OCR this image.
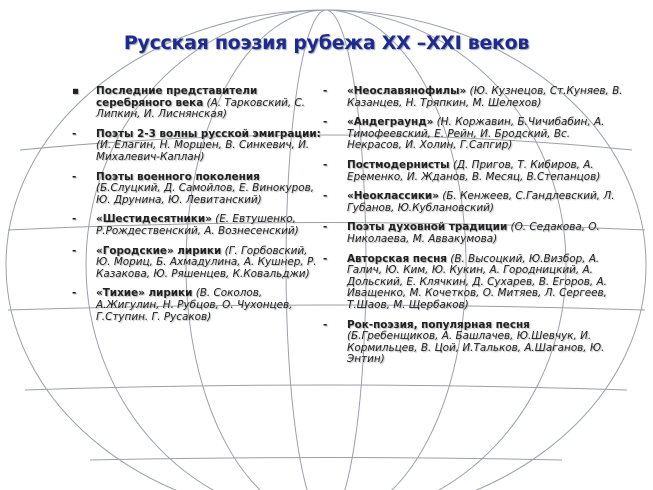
Русская поэзия рубежа XX –XXI веков
▪	Последние представители серебряного века (А. Тарковский, С. Липкин, И. Лиснянская)
-	Поэты 2-3 волны русской эмиграции: (И. Елагин, Н. Моршен, В. Синкевич, И. Михалевич-Каплан)
-	Поэты военного поколения (Б.Слуцкий, Д. Самойлов, Е. Винокуров, Ю. Друнина, Ю. Левитанский)
-	«Шестидесятники» (Е. Евтушенко, Р.Рождественский, А. Вознесенский)
-	«Городские» лирики (Г. Горбовский, Ю. Мориц, Б. Ахмадулина, А. Кушнер, Р. Казакова, Ю. Ряшенцев, К.Ковальджи)
-	«Тихие» лирики (В. Соколов, А.Жигулин, Н. Рубцов, О. Чухонцев, Г.Ступин. Г. Русаков)
-	«Неославянофилы» (Ю. Кузнецов, Ст.Куняев, В. Казанцев, Н. Тряпкин, М. Шелехов)
-	«Андеграунд» (Н. Коржавин, Б.Чичибабин, А. Тимофеевский, Е. Рейн, И. Бродский, Вс. Некрасов, И. Холин, Г.Сапгир)
-	Постмодернисты (Д. Пригов, Т. Кибиров, А. Еременко, И. Жданов, В. Месяц, В.Степанцов)
-	«Неоклассики» (Б. Кенжеев, С.Гандлевский, Л. Губанов, Ю.Кублановский)
-	Поэты духовной традиции (О. Седакова, О. Николаева, М. Аввакумова)
-	Авторская песня (В. Высоцкий, Ю.Визбор, А. Галич, Ю. Ким, Ю. Кукин, А. Городницкий, А. Дольский, Е. Клячкин, Д. Сухарев, В. Егоров, А. Иващенко, М. Кочетков, О. Митяев, Л. Сергеев, Т.Шаов, М. Щербаков)
-	Рок-поэзия, популярная песня (Б.Гребенщиков, А. Башлачев, Ю.Шевчук, И. Кормильцев, В. Цой, И.Тальков, А.Шаганов, Ю. Энтин)
